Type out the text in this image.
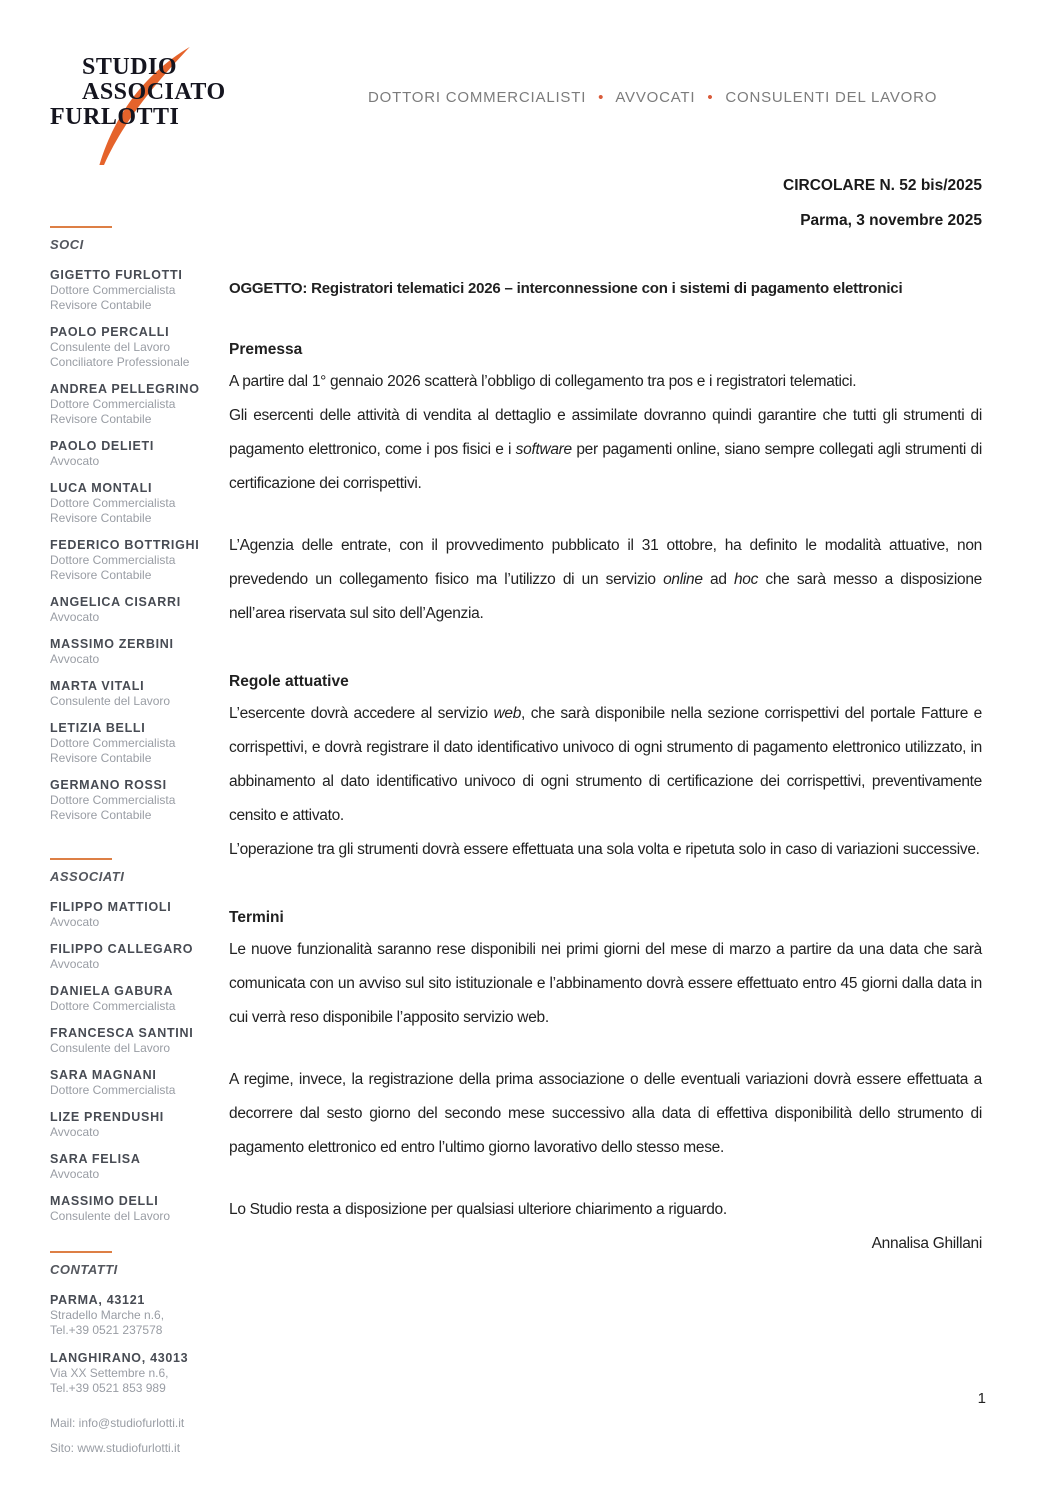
STUDIO
ASSOCIATO
FURLOTTI
DOTTORI COMMERCIALISTI • AVVOCATI • CONSULENTI DEL LAVORO
CIRCOLARE N. 52 bis/2025
Parma, 3 novembre 2025
SOCI
GIGETTO FURLOTTI
Dottore Commercialista
Revisore Contabile
PAOLO PERCALLI
Consulente del Lavoro
Conciliatore Professionale
ANDREA PELLEGRINO
Dottore Commercialista
Revisore Contabile
PAOLO DELIETI
Avvocato
LUCA MONTALI
Dottore Commercialista
Revisore Contabile
FEDERICO BOTTRIGHI
Dottore Commercialista
Revisore Contabile
ANGELICA CISARRI
Avvocato
MASSIMO ZERBINI
Avvocato
MARTA VITALI
Consulente del Lavoro
LETIZIA BELLI
Dottore Commercialista
Revisore Contabile
GERMANO ROSSI
Dottore Commercialista
Revisore Contabile
ASSOCIATI
FILIPPO MATTIOLI
Avvocato
FILIPPO CALLEGARO
Avvocato
DANIELA GABURA
Dottore Commercialista
FRANCESCA SANTINI
Consulente del Lavoro
SARA MAGNANI
Dottore Commercialista
LIZE PRENDUSHI
Avvocato
SARA FELISA
Avvocato
MASSIMO DELLI
Consulente del Lavoro
CONTATTI
PARMA, 43121
Stradello Marche n.6,
Tel.+39 0521 237578
LANGHIRANO, 43013
Via XX Settembre n.6,
Tel.+39 0521 853 989
Mail: info@studiofurlotti.it
Sito: www.studiofurlotti.it
OGGETTO: Registratori telematici 2026 – interconnessione con i sistemi di pagamento elettronici
Premessa

A partire dal 1° gennaio 2026 scatterà l’obbligo di collegamento tra pos e i registratori telematici.

Gli esercenti delle attività di vendita al dettaglio e assimilate dovranno quindi garantire che tutti gli strumenti di pagamento elettronico, come i pos fisici e i software per pagamenti online, siano sempre collegati agli strumenti di certificazione dei corrispettivi.

L’Agenzia delle entrate, con il provvedimento pubblicato il 31 ottobre, ha definito le modalità attuative, non prevedendo un collegamento fisico ma l’utilizzo di un servizio online ad hoc che sarà messo a disposizione nell’area riservata sul sito dell’Agenzia.

Regole attuative

L’esercente dovrà accedere al servizio web, che sarà disponibile nella sezione corrispettivi del portale Fatture e corrispettivi, e dovrà registrare il dato identificativo univoco di ogni strumento di pagamento elettronico utilizzato, in abbinamento al dato identificativo univoco di ogni strumento di certificazione dei corrispettivi, preventivamente censito e attivato.

L’operazione tra gli strumenti dovrà essere effettuata una sola volta e ripetuta solo in caso di variazioni successive.

Termini

Le nuove funzionalità saranno rese disponibili nei primi giorni del mese di marzo a partire da una data che sarà comunicata con un avviso sul sito istituzionale e l’abbinamento dovrà essere effettuato entro 45 giorni dalla data in cui verrà reso disponibile l’apposito servizio web.

A regime, invece, la registrazione della prima associazione o delle eventuali variazioni dovrà essere effettuata a decorrere dal sesto giorno del secondo mese successivo alla data di effettiva disponibilità dello strumento di pagamento elettronico ed entro l’ultimo giorno lavorativo dello stesso mese.

Lo Studio resta a disposizione per qualsiasi ulteriore chiarimento a riguardo.

Annalisa Ghillani

1
